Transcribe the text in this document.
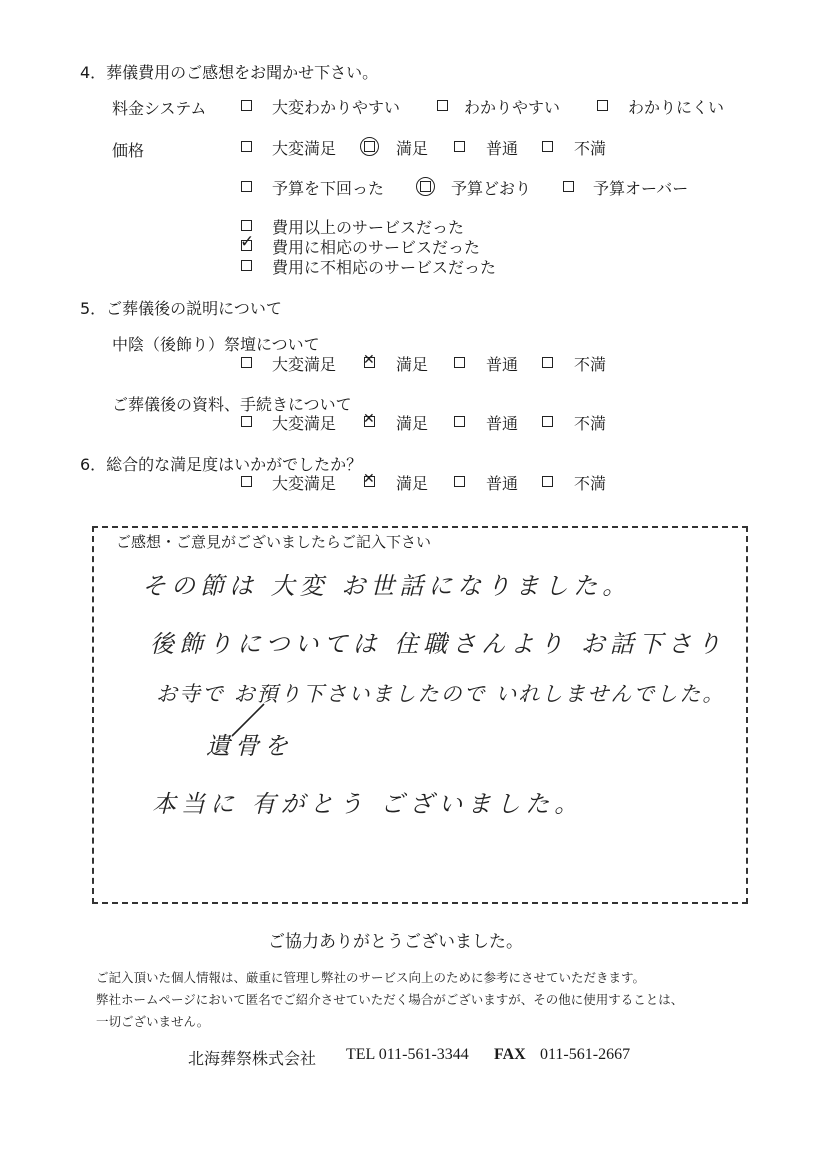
4．葬儀費用のご感想をお聞かせ下さい。
料金システム	大変わかりやすい	わかりやすい	わかりにくい
価格	大変満足	満足	普通	不満
予算を下回った	予算どおり	予算オーバー
費用以上のサービスだった
✓
費用に相応のサービスだった
費用に不相応のサービスだった
5．ご葬儀後の説明について
中陰（後飾り）祭壇について
大変満足 ✕	満足	普通	不満
ご葬儀後の資料、手続きについて
大変満足 ✕	満足	普通	不満
6．総合的な満足度はいかがでしたか？
大変満足 ✕	満足	普通	不満
ご感想・ご意見がございましたらご記入下さい
その節は 大変 お世話になりました。
後飾りについては 住職さんより お話下さり
お寺で お預り下さいましたので いれしませんでした。
遺骨を
本当に 有がとう ございました。
ご協力ありがとうございました。
ご記入頂いた個人情報は、厳重に管理し弊社のサービス向上のために参考にさせていただきます。
弊社ホームページにおいて匿名でご紹介させていただく場合がございますが、その他に使用することは、
一切ございません。
北海葬祭株式会社 TEL 011-561-3344 FAX 011-561-2667
